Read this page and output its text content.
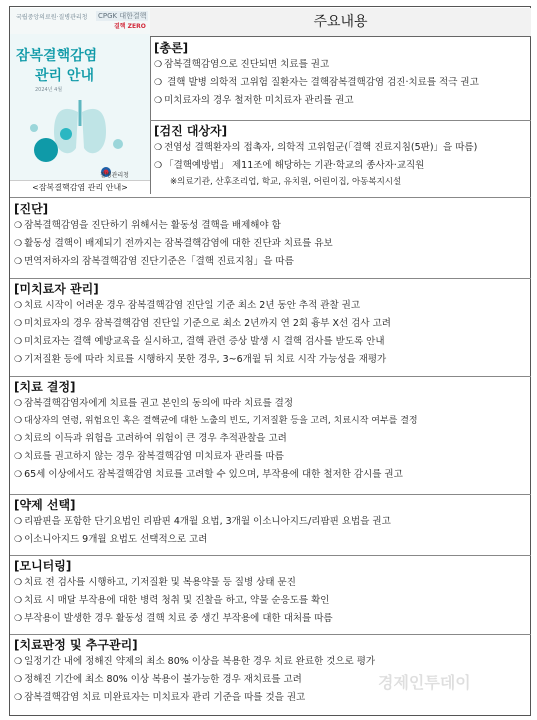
국립중앙의료원·질병관리청 CPGK 대한결핵
결핵 ZERO
잠복결핵감염
관리 안내
2024년 4월
질병관리청
<잠복결핵감염 관리 안내>
주요내용
[총론]
❍ 잠복결핵감염으로 진단되면 치료를 권고
❍ 결핵 발병 의학적 고위험 질환자는 결핵잠복결핵감염 검진·치료를 적극 권고
❍ 미치료자의 경우 철저한 미치료자 관리를 권고
[검진 대상자]
❍ 전염성 결핵환자의 접촉자, 의학적 고위험군(「결핵 진료지침(5판)」을 따름)
❍ 「결핵예방법」 제11조에 해당하는 기관·학교의 종사자·교직원
※의료기관, 산후조리업, 학교, 유치원, 어린이집, 아동복지시설
[진단]
❍ 잠복결핵감염을 진단하기 위해서는 활동성 결핵을 배제해야 함
❍ 활동성 결핵이 배제되기 전까지는 잠복결핵감염에 대한 진단과 치료를 유보
❍ 면역저하자의 잠복결핵감염 진단기준은「결핵 진료지침」을 따름
[미치료자 관리]
❍ 치료 시작이 어려운 경우 잠복결핵감염 진단일 기준 최소 2년 동안 추적 관찰 권고
❍ 미치료자의 경우 잠복결핵감염 진단일 기준으로 최소 2년까지 연 2회 흉부 X선 검사 고려
❍ 미치료자는 결핵 예방교육을 실시하고, 결핵 관련 증상 발생 시 결핵 검사를 받도록 안내
❍ 기저질환 등에 따라 치료를 시행하지 못한 경우, 3~6개월 뒤 치료 시작 가능성을 재평가
[치료 결정]
❍ 잠복결핵감염자에게 치료를 권고 본인의 동의에 따라 치료를 결정
❍ 대상자의 연령, 위험요인 혹은 결핵균에 대한 노출의 빈도, 기저질환 등을 고려, 치료시작 여부를 결정
❍ 치료의 이득과 위험을 고려하여 위험이 큰 경우 추적관찰을 고려
❍ 치료를 권고하지 않는 경우 잠복결핵감염 미치료자 관리를 따름
❍ 65세 이상에서도 잠복결핵감염 치료를 고려할 수 있으며, 부작용에 대한 철저한 감시를 권고
[약제 선택]
❍ 리팜핀을 포함한 단기요법인 리팜핀 4개월 요법, 3개월 이소니아지드/리팜핀 요법을 권고
❍ 이소니아지드 9개월 요법도 선택적으로 고려
[모니터링]
❍ 치료 전 검사를 시행하고, 기저질환 및 복용약물 등 질병 상태 문진
❍ 치료 시 매달 부작용에 대한 병력 청취 및 진찰을 하고, 약물 순응도를 확인
❍ 부작용이 발생한 경우 활동성 결핵 치료 중 생긴 부작용에 대한 대처를 따름
[치료판정 및 추구관리]
❍ 일정기간 내에 정해진 약제의 최소 80% 이상을 복용한 경우 치료 완료한 것으로 평가
❍ 정해진 기간에 최소 80% 이상 복용이 불가능한 경우 재치료를 고려
❍ 잠복결핵감염 치료 미완료자는 미치료자 관리 기준을 따를 것을 권고
경제인투데이
